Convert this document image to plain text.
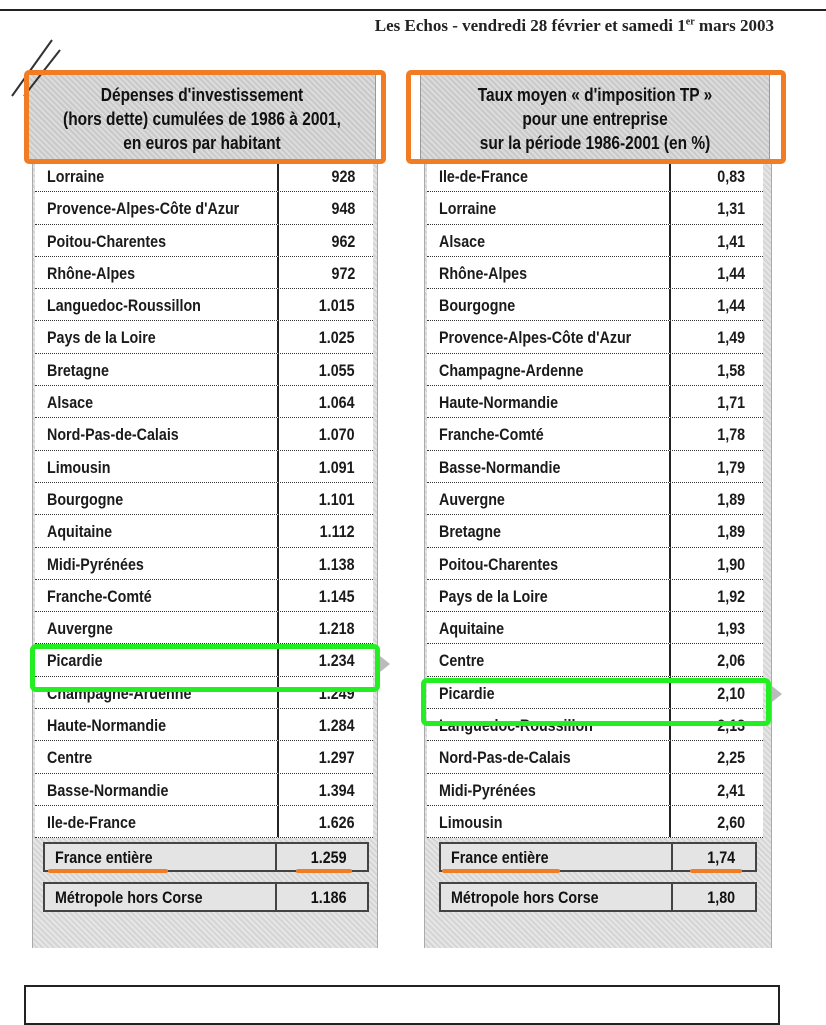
Les Echos - vendredi 28 février et samedi 1er mars 2003
Dépenses d'investissement
(hors dette) cumulées de 1986 à 2001,
en euros par habitant
Lorraine	928
Provence-Alpes-Côte d'Azur	948
Poitou-Charentes	962
Rhône-Alpes	972
Languedoc-Roussillon	1.015
Pays de la Loire	1.025
Bretagne	1.055
Alsace	1.064
Nord-Pas-de-Calais	1.070
Limousin	1.091
Bourgogne	1.101
Aquitaine	1.112
Midi-Pyrénées	1.138
Franche-Comté	1.145
Auvergne	1.218
Picardie	1.234
Champagne-Ardenne	1.249
Haute-Normandie	1.284
Centre	1.297
Basse-Normandie	1.394
Ile-de-France	1.626
France entière	1.259
Métropole hors Corse	1.186
Taux moyen « d'imposition TP »
pour une entreprise
sur la période 1986-2001 (en %)
Ile-de-France	0,83
Lorraine	1,31
Alsace	1,41
Rhône-Alpes	1,44
Bourgogne	1,44
Provence-Alpes-Côte d'Azur	1,49
Champagne-Ardenne	1,58
Haute-Normandie	1,71
Franche-Comté	1,78
Basse-Normandie	1,79
Auvergne	1,89
Bretagne	1,89
Poitou-Charentes	1,90
Pays de la Loire	1,92
Aquitaine	1,93
Centre	2,06
Picardie	2,10
Languedoc-Roussillon	2,13
Nord-Pas-de-Calais	2,25
Midi-Pyrénées	2,41
Limousin	2,60
France entière	1,74
Métropole hors Corse	1,80
